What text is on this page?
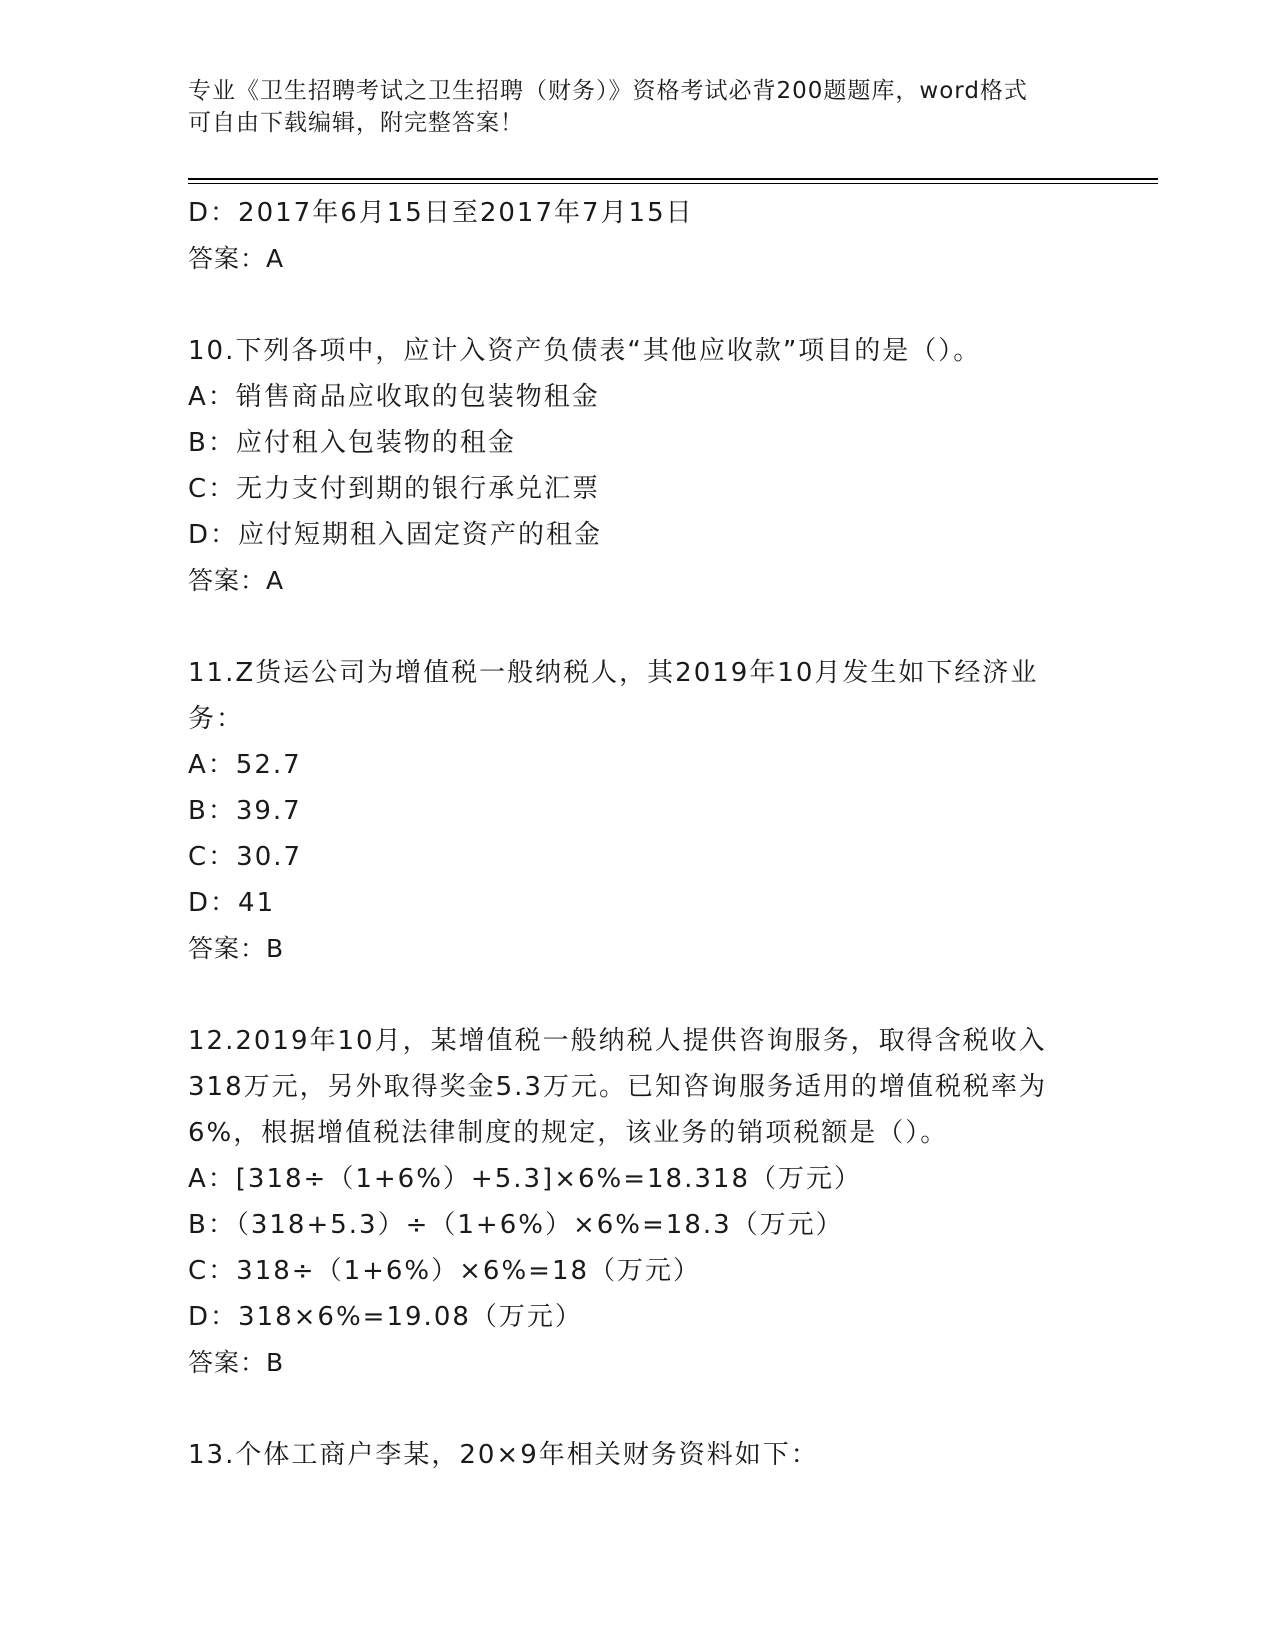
专业《卫生招聘考试之卫生招聘（财务）》资格考试必背200题题库，word格式
可自由下载编辑，附完整答案！
D：2017年6月15日至2017年7月15日
答案：A
10.下列各项中，应计入资产负债表“其他应收款”项目的是（）。
A：销售商品应收取的包装物租金
B：应付租入包装物的租金
C：无力支付到期的银行承兑汇票
D：应付短期租入固定资产的租金
答案：A
11.Z货运公司为增值税一般纳税人，其2019年10月发生如下经济业
务：
A：52.7
B：39.7
C：30.7
D：41
答案：B
12.2019年10月，某增值税一般纳税人提供咨询服务，取得含税收入
318万元，另外取得奖金5.3万元。已知咨询服务适用的增值税税率为
6%，根据增值税法律制度的规定，该业务的销项税额是（）。
A：[318÷（1+6%）+5.3]×6%=18.318（万元）
B：（318+5.3）÷（1+6%）×6%=18.3（万元）
C：318÷（1+6%）×6%=18（万元）
D：318×6%=19.08（万元）
答案：B
13.个体工商户李某，20×9年相关财务资料如下：
